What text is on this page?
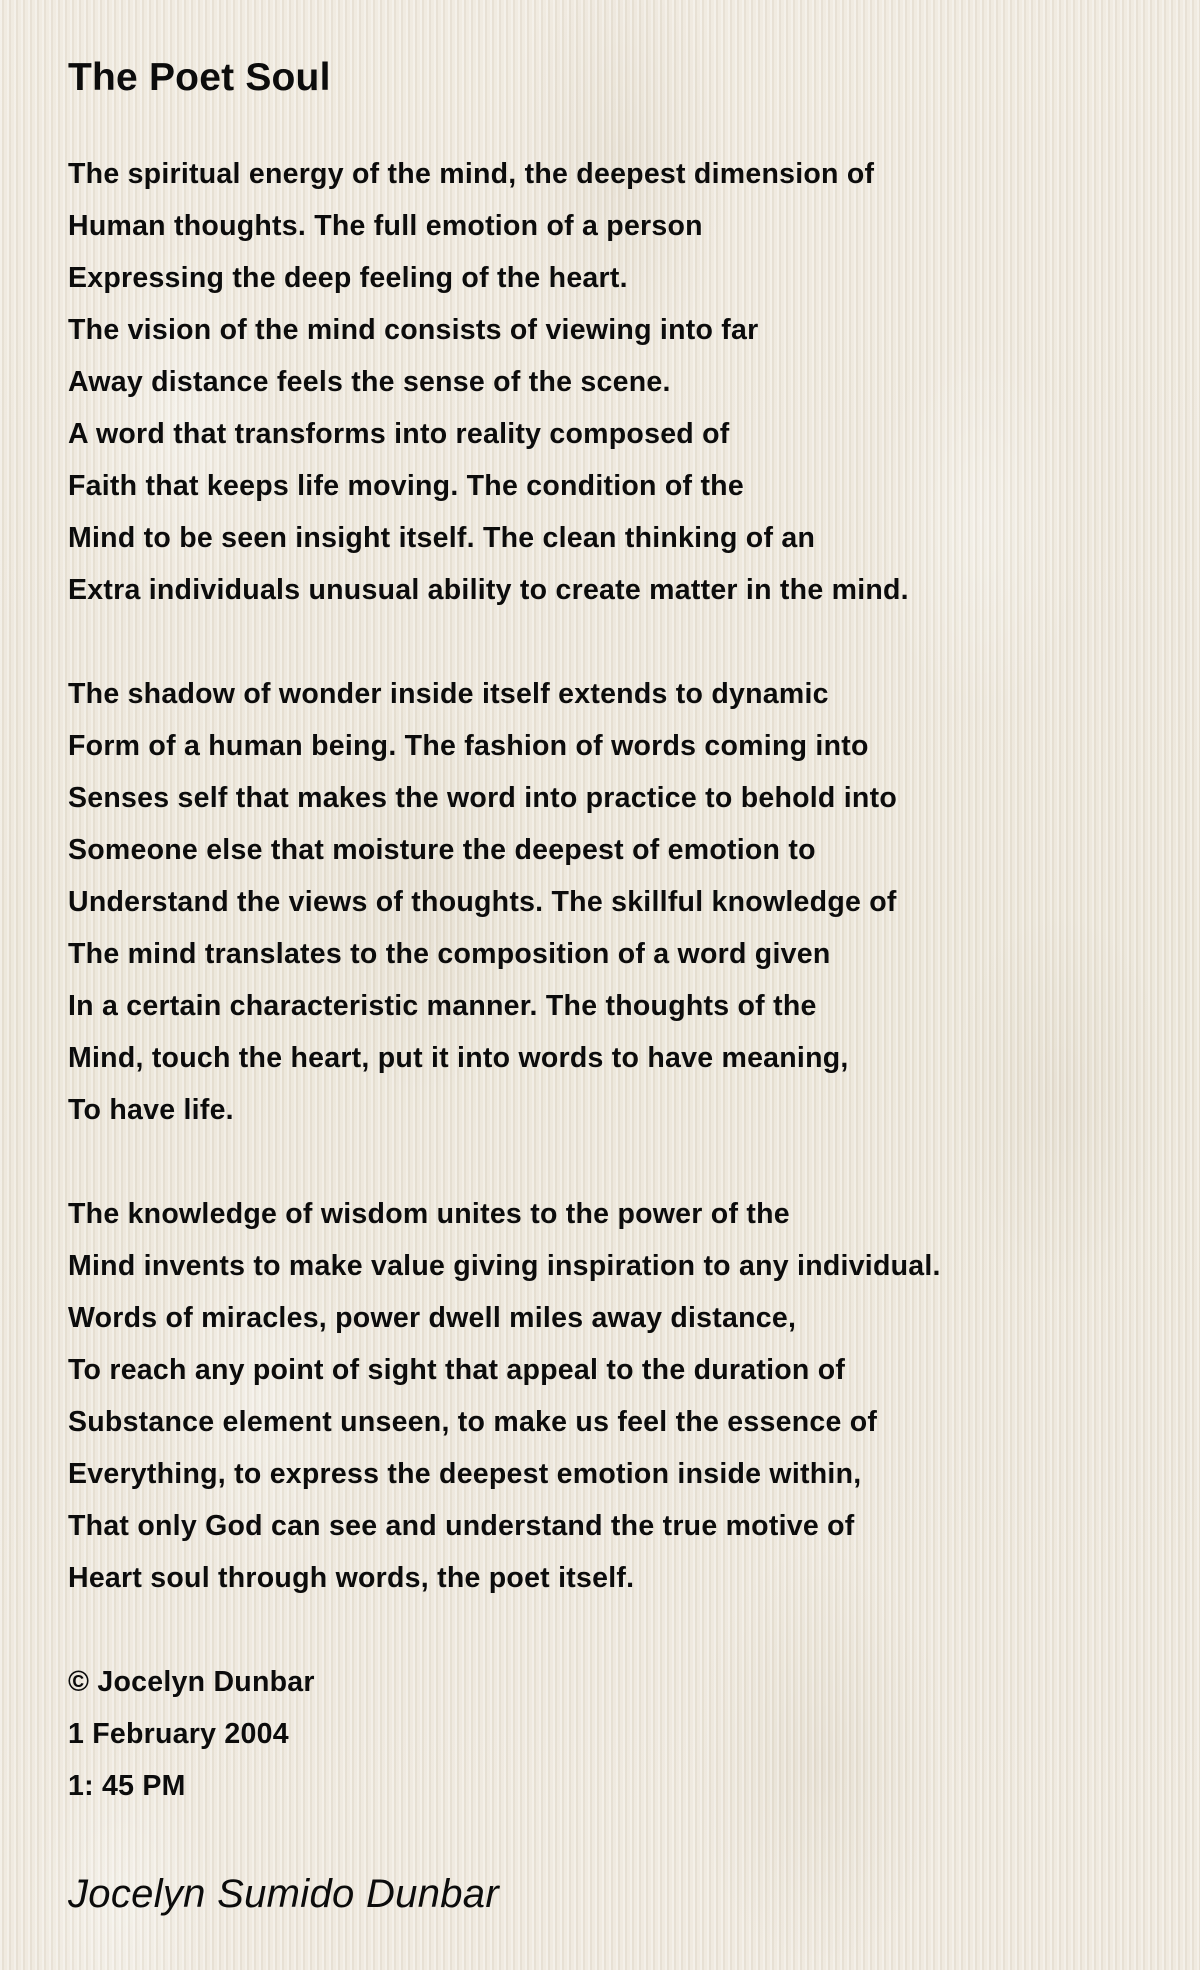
The Poet Soul
The spiritual energy of the mind, the deepest dimension of
Human thoughts. The full emotion of a person
Expressing the deep feeling of the heart.
The vision of the mind consists of viewing into far
Away distance feels the sense of the scene.
A word that transforms into reality composed of
Faith that keeps life moving. The condition of the
Mind to be seen insight itself. The clean thinking of an
Extra individuals unusual ability to create matter in the mind.
The shadow of wonder inside itself extends to dynamic
Form of a human being. The fashion of words coming into
Senses self that makes the word into practice to behold into
Someone else that moisture the deepest of emotion to
Understand the views of thoughts. The skillful knowledge of
The mind translates to the composition of a word given
In a certain characteristic manner. The thoughts of the
Mind, touch the heart, put it into words to have meaning,
To have life.
The knowledge of wisdom unites to the power of the
Mind invents to make value giving inspiration to any individual.
Words of miracles, power dwell miles away distance,
To reach any point of sight that appeal to the duration of
Substance element unseen, to make us feel the essence of
Everything, to express the deepest emotion inside within,
That only God can see and understand the true motive of
Heart soul through words, the poet itself.
© Jocelyn Dunbar
1 February 2004
1: 45 PM
Jocelyn Sumido Dunbar
